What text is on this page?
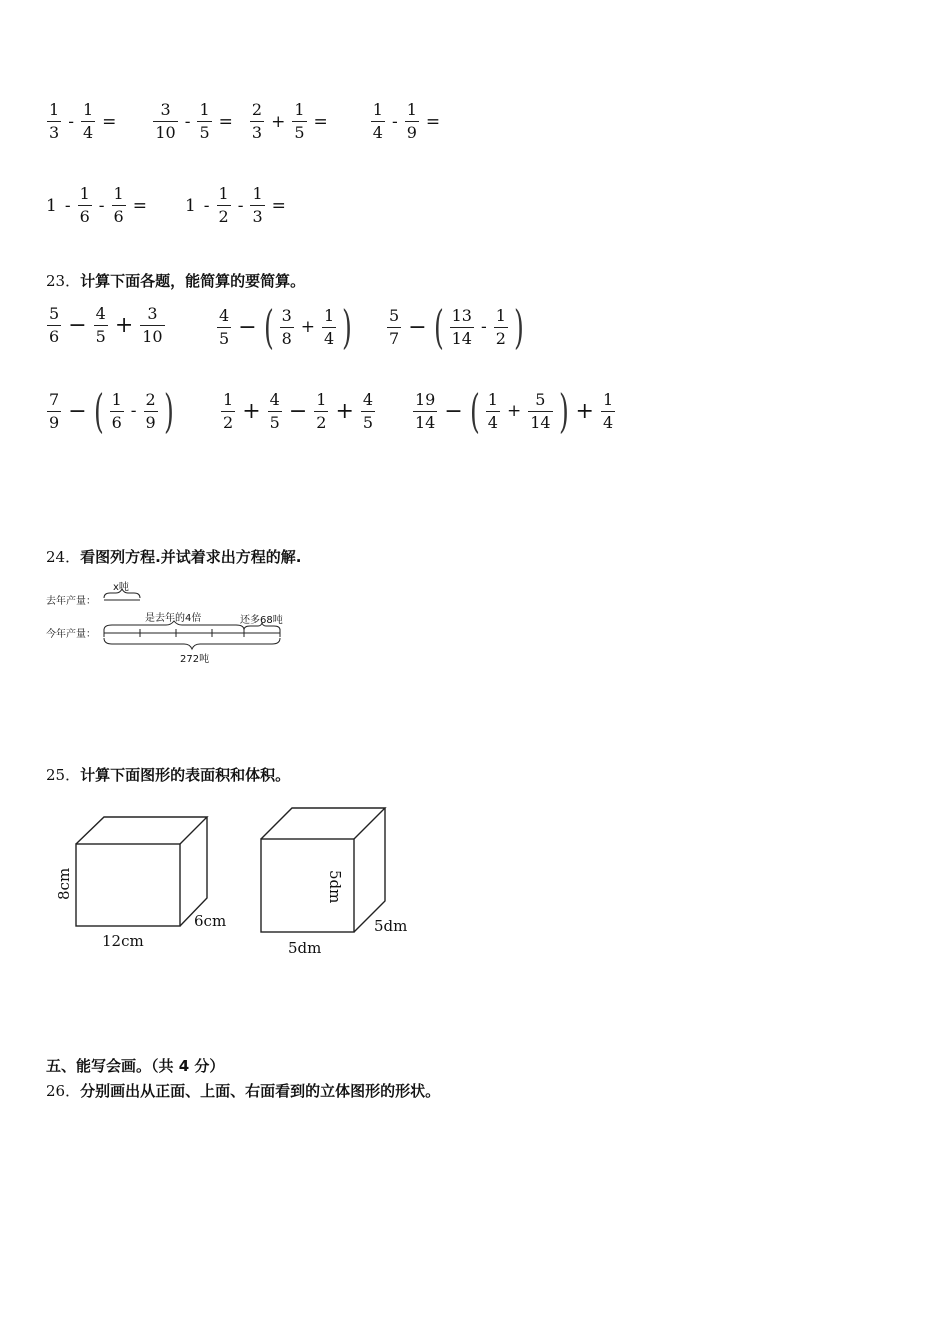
$\frac{1}{3} - \frac{1}{4} = \frac{3}{10} - \frac{1}{5} = \frac{2}{3} + \frac{1}{5}$ =	$\frac{1}{4} - \frac{1}{9}$ =
$1 - \frac{1}{6} - \frac{1}{6} = 1 - \frac{1}{2} - \frac{1}{3}$ =
23．计算下面各题，能简算的要简算。
$\frac{5}{6} - \frac{4}{5} + \frac{3}{10}$	$\frac{4}{5}$ − ( $\frac{3}{8} + \frac{1}{4}$ ) $\frac{5}{7}$ − ( $\frac{13}{14} - \frac{1}{2}$ )
$\frac{7}{9}$ − ( $\frac{1}{6} - \frac{2}{9}$ )	$\frac{1}{2} + \frac{4}{5} - \frac{1}{2} + \frac{4}{5} \frac{19}{14}$ − ( $\frac{1}{4} + \frac{5}{14}$ ) + $\frac{1}{4}$
24．看图列方程.并试着求出方程的解.
去年产量：
x吨
今年产量：
是去年的4倍	还多68吨
272吨
25．计算下面图形的表面积和体积。
8cm
12cm
6cm
5dm
5dm
5dm
五、能写会画。（共 4 分）
26．分别画出从正面、上面、右面看到的立体图形的形状。
